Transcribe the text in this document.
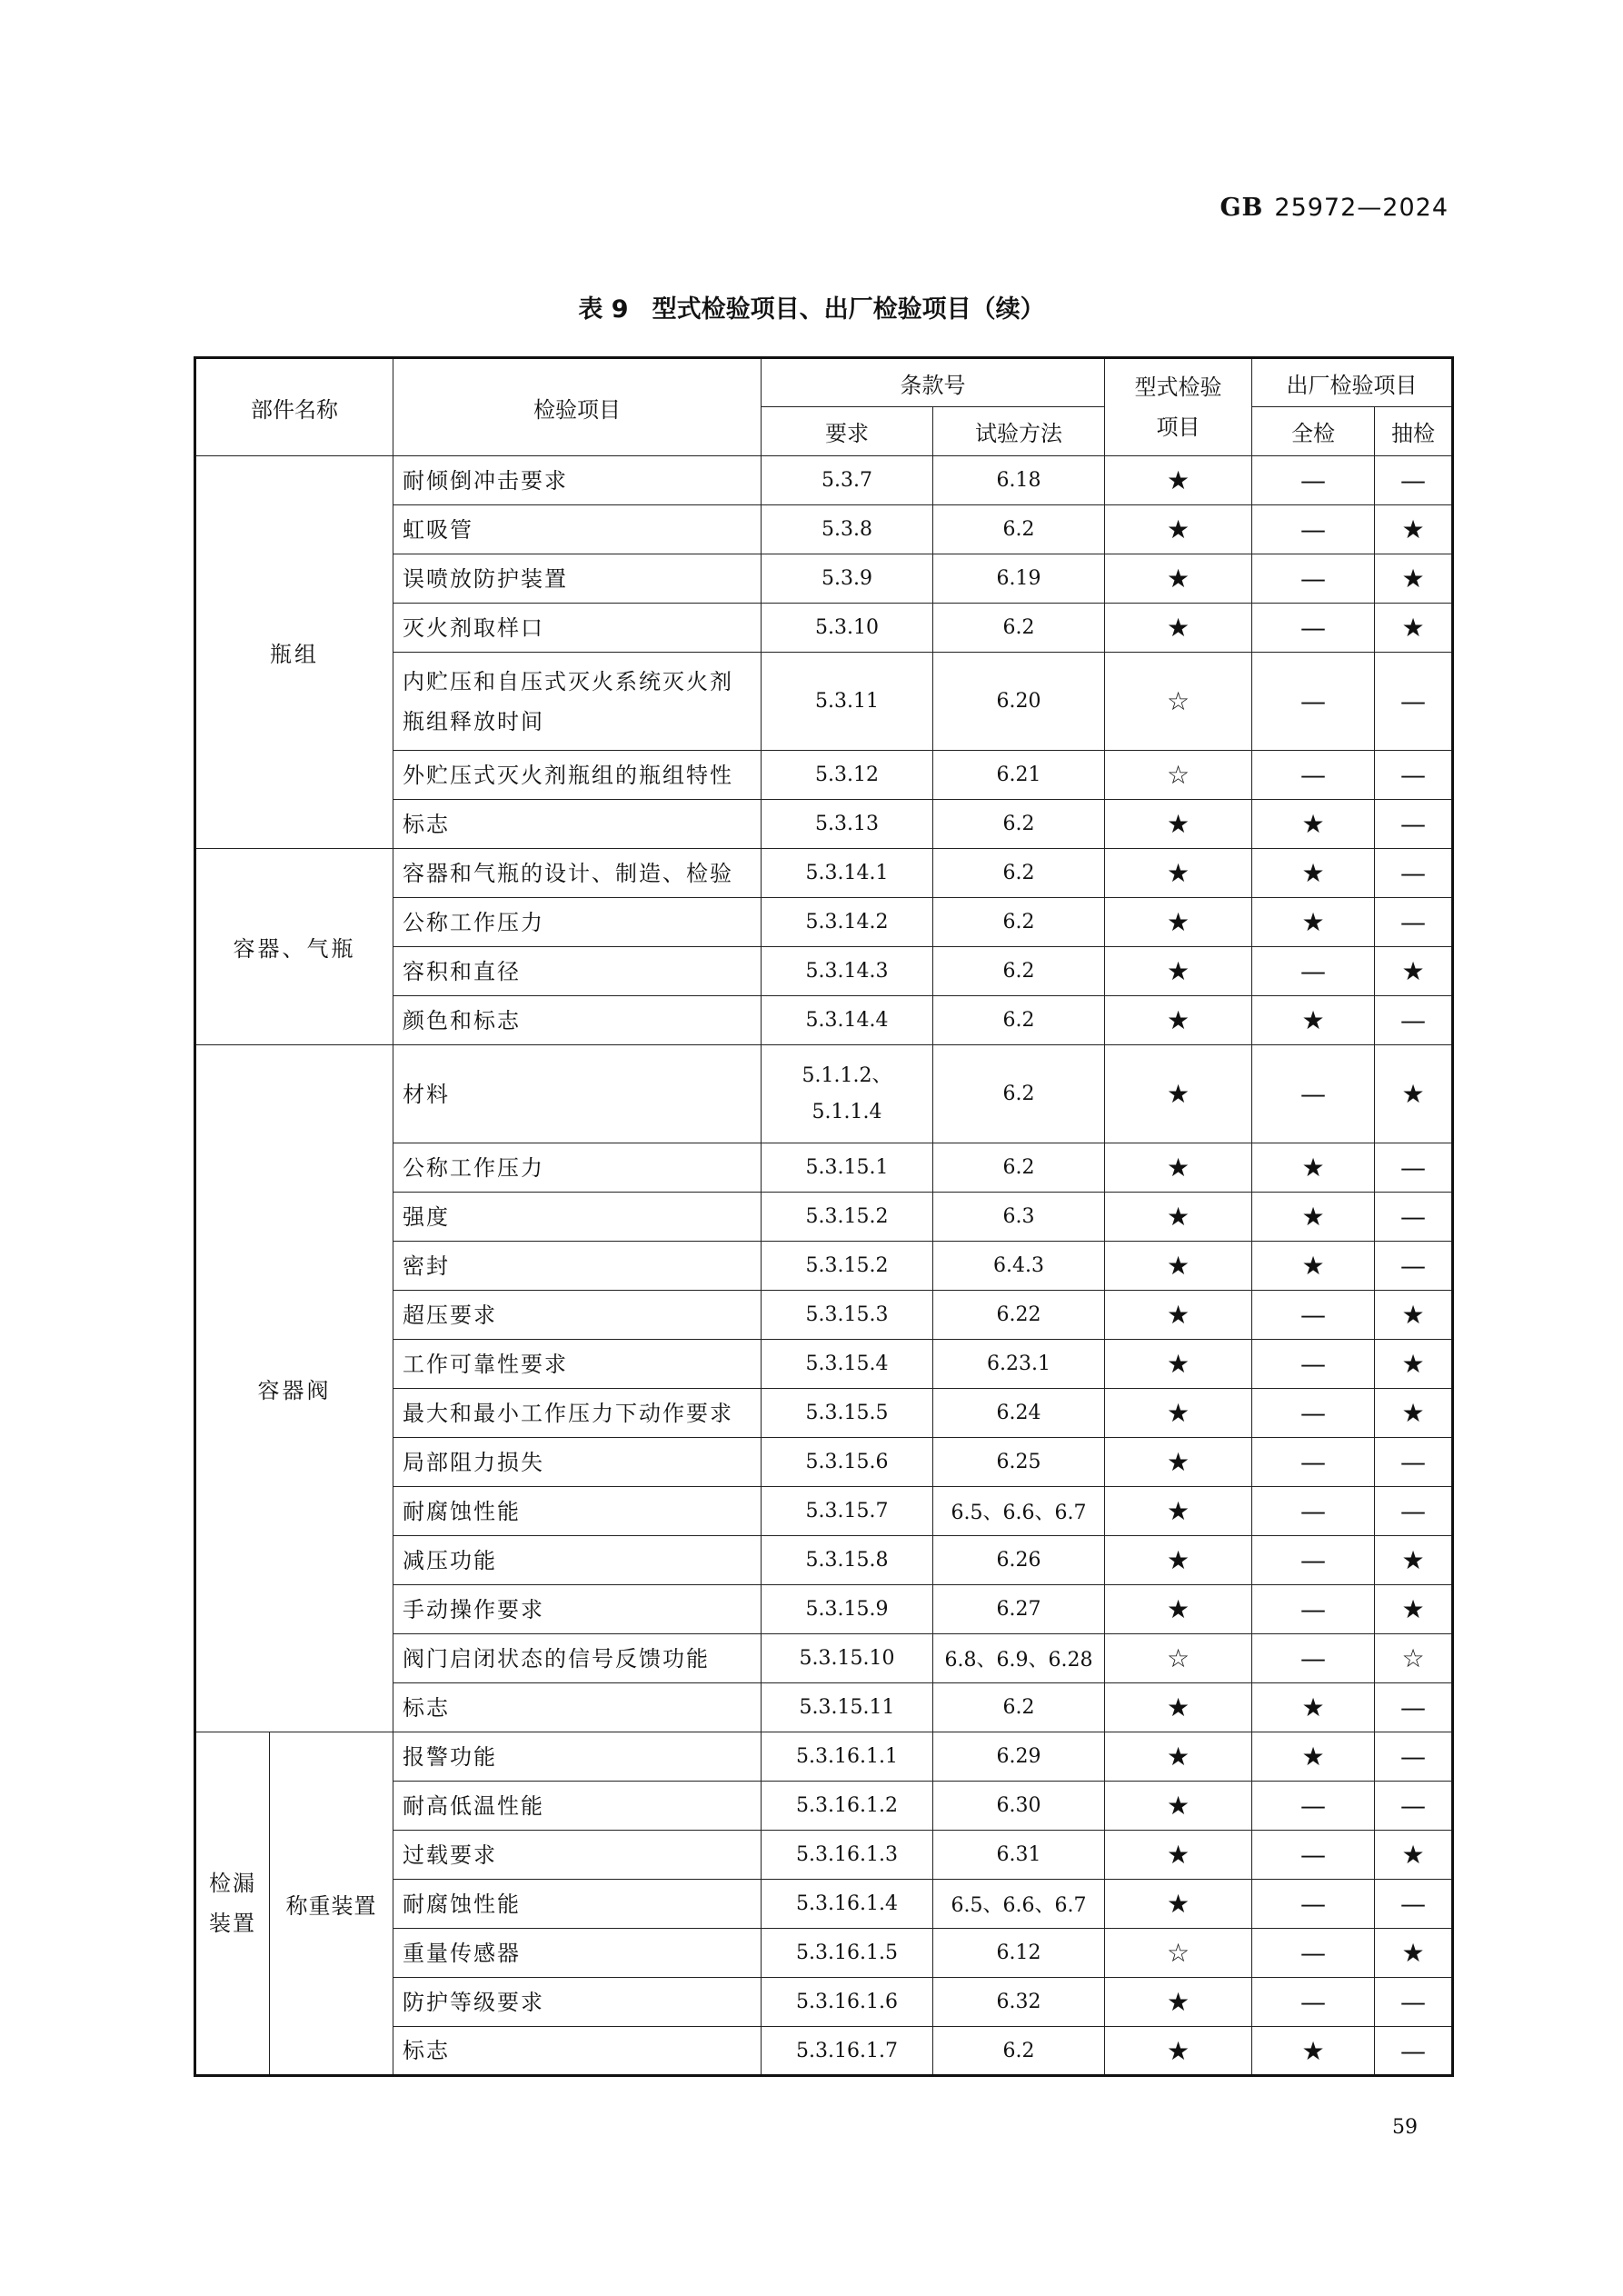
GB 25972—2024
表 9 型式检验项目、出厂检验项目（续）
部件名称		检验项目	条款号		型式检验项目	出厂检验项目	
			要求	试验方法		全检	抽检
瓶组		耐倾倒冲击要求	5.3.7	6.18	★	—	—
		虹吸管	5.3.8	6.2	★	—	★
		误喷放防护装置	5.3.9	6.19	★	—	★
		灭火剂取样口	5.3.10	6.2	★	—	★
		内贮压和自压式灭火系统灭火剂瓶组释放时间	5.3.11	6.20	☆	—	—
		外贮压式灭火剂瓶组的瓶组特性	5.3.12	6.21	☆	—	—
		标志	5.3.13	6.2	★	★	—
容器、气瓶		容器和气瓶的设计、制造、检验	5.3.14.1	6.2	★	★	—
		公称工作压力	5.3.14.2	6.2	★	★	—
		容积和直径	5.3.14.3	6.2	★	—	★
		颜色和标志	5.3.14.4	6.2	★	★	—
容器阀		材料	5.1.1.2、5.1.1.4	6.2	★	—	★
		公称工作压力	5.3.15.1	6.2	★	★	—
		强度	5.3.15.2	6.3	★	★	—
		密封	5.3.15.2	6.4.3	★	★	—
		超压要求	5.3.15.3	6.22	★	—	★
		工作可靠性要求	5.3.15.4	6.23.1	★	—	★
		最大和最小工作压力下动作要求	5.3.15.5	6.24	★	—	★
		局部阻力损失	5.3.15.6	6.25	★	—	—
		耐腐蚀性能	5.3.15.7	6.5、6.6、6.7	★	—	—
		减压功能	5.3.15.8	6.26	★	—	★
		手动操作要求	5.3.15.9	6.27	★	—	★
		阀门启闭状态的信号反馈功能	5.3.15.10	6.8、6.9、6.28	☆	—	☆
		标志	5.3.15.11	6.2	★	★	—
检漏装置	称重装置	报警功能	5.3.16.1.1	6.29	★	★	—
		耐高低温性能	5.3.16.1.2	6.30	★	—	—
		过载要求	5.3.16.1.3	6.31	★	—	★
		耐腐蚀性能	5.3.16.1.4	6.5、6.6、6.7	★	—	—
		重量传感器	5.3.16.1.5	6.12	☆	—	★
		防护等级要求	5.3.16.1.6	6.32	★	—	—
		标志	5.3.16.1.7	6.2	★	★	—
59
